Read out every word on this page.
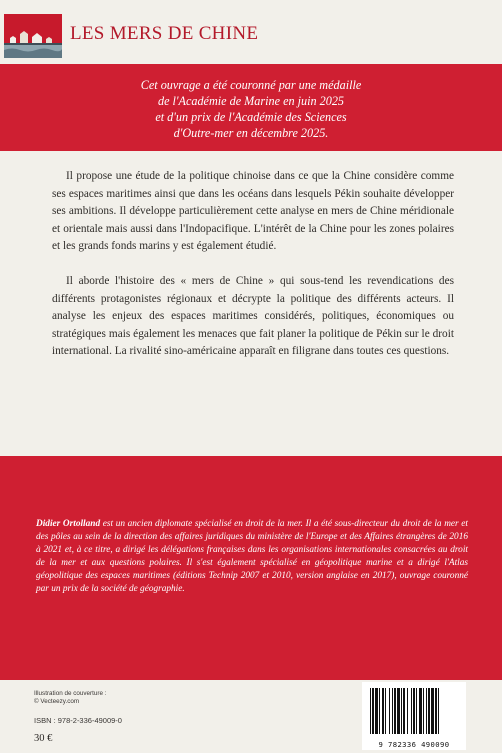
LES MERS DE CHINE
Cet ouvrage a été couronné par une médaille
de l'Académie de Marine en juin 2025
et d'un prix de l'Académie des Sciences
d'Outre-mer en décembre 2025.

Il propose une étude de la politique chinoise dans ce que la Chine considère comme ses espaces maritimes ainsi que dans les océans dans lesquels Pékin souhaite développer ses ambitions. Il développe particulièrement cette analyse en mers de Chine méridionale et orientale mais aussi dans l'Indopacifique. L'intérêt de la Chine pour les zones polaires et les grands fonds marins y est également étudié.

Il aborde l'histoire des « mers de Chine » qui sous-tend les revendications des différents protagonistes régionaux et décrypte la politique des différents acteurs. Il analyse les enjeux des espaces maritimes considérés, politiques, économiques ou stratégiques mais également les menaces que fait planer la politique de Pékin sur le droit international. La rivalité sino-américaine apparaît en filigrane dans toutes ces questions.

Didier Ortolland est un ancien diplomate spécialisé en droit de la mer. Il a été sous-directeur du droit de la mer et des pôles au sein de la direction des affaires juridiques du ministère de l'Europe et des Affaires étrangères de 2016 à 2021 et, à ce titre, a dirigé les délégations françaises dans les organisations internationales consacrées au droit de la mer et aux questions polaires. Il s'est également spécialisé en géopolitique marine et a dirigé l'Atlas géopolitique des espaces maritimes (éditions Technip 2007 et 2010, version anglaise en 2017), ouvrage couronné par un prix de la société de géographie.
Illustration de couverture :
© Vecteezy.com
ISBN : 978-2-336-49009-0
30 €
9 782336 490090
